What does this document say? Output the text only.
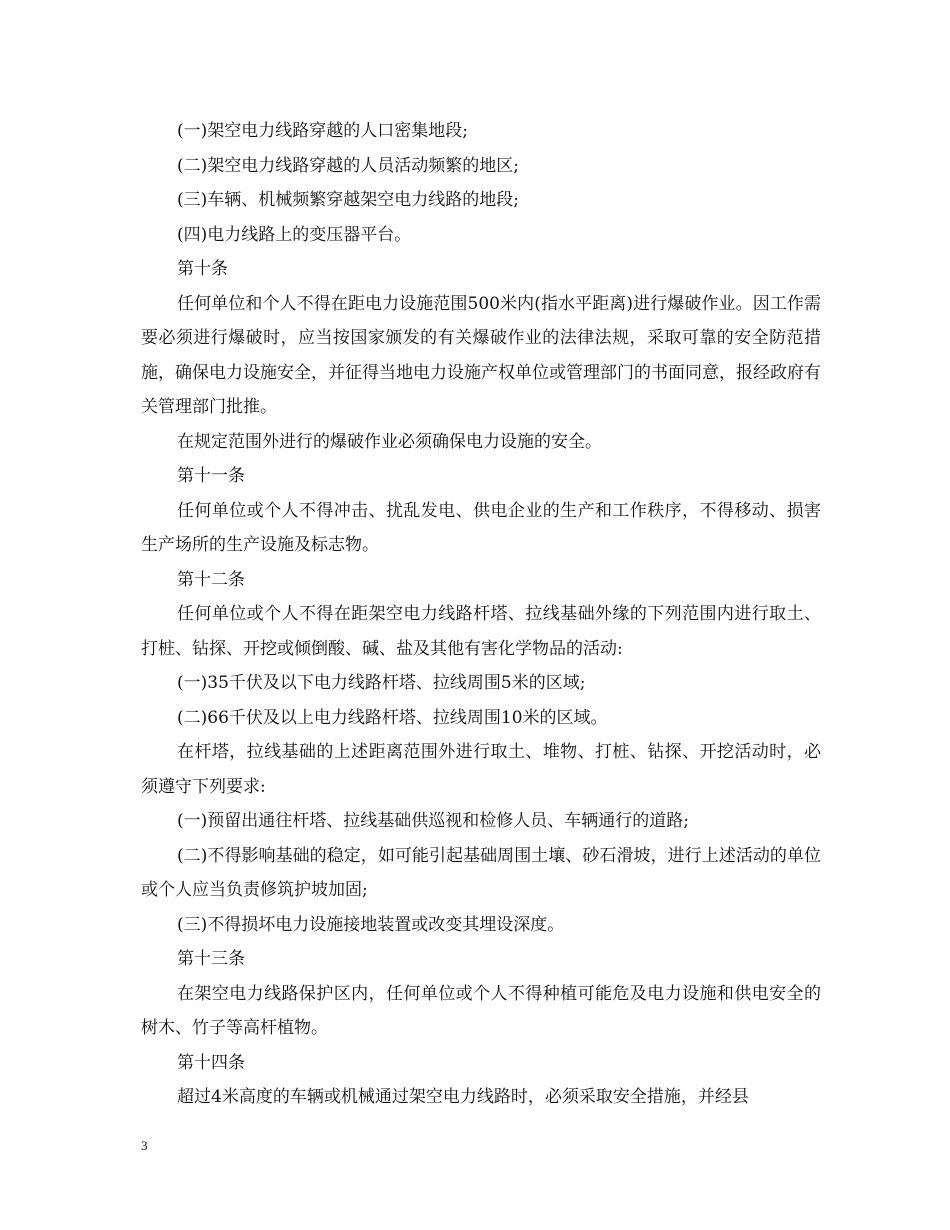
(一)架空电力线路穿越的人口密集地段;

(二)架空电力线路穿越的人员活动频繁的地区;

(三)车辆、机械频繁穿越架空电力线路的地段;

(四)电力线路上的变压器平台。

第十条

任何单位和个人不得在距电力设施范围500米内(指水平距离)进行爆破作业。因工作需要必须进行爆破时，应当按国家颁发的有关爆破作业的法律法规，采取可靠的安全防范措施，确保电力设施安全，并征得当地电力设施产权单位或管理部门的书面同意，报经政府有关管理部门批推。

在规定范围外进行的爆破作业必须确保电力设施的安全。

第十一条

任何单位或个人不得冲击、扰乱发电、供电企业的生产和工作秩序，不得移动、损害生产场所的生产设施及标志物。

第十二条

任何单位或个人不得在距架空电力线路杆塔、拉线基础外缘的下列范围内进行取土、打桩、钻探、开挖或倾倒酸、碱、盐及其他有害化学物品的活动:

(一)35千伏及以下电力线路杆塔、拉线周围5米的区域;

(二)66千伏及以上电力线路杆塔、拉线周围10米的区域。

在杆塔，拉线基础的上述距离范围外进行取土、堆物、打桩、钻探、开挖活动时，必须遵守下列要求:

(一)预留出通往杆塔、拉线基础供巡视和检修人员、车辆通行的道路;

(二)不得影响基础的稳定，如可能引起基础周围土壤、砂石滑坡，进行上述活动的单位或个人应当负责修筑护坡加固;

(三)不得损坏电力设施接地装置或改变其埋设深度。

第十三条

在架空电力线路保护区内，任何单位或个人不得种植可能危及电力设施和供电安全的树木、竹子等高杆植物。

第十四条

超过4米高度的车辆或机械通过架空电力线路时，必须采取安全措施，并经县

3
